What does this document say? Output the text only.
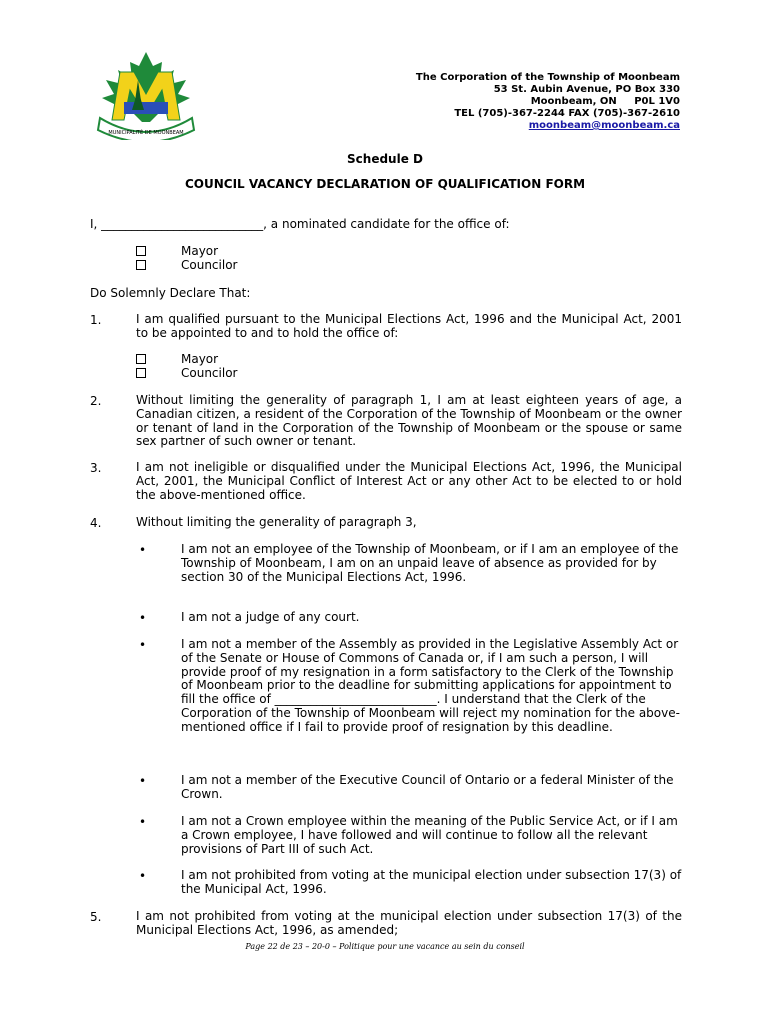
MUNICIPALITÉ DE MOONBEAM
The Corporation of the Township of Moonbeam
53 St. Aubin Avenue, PO Box 330
Moonbeam, ON     P0L 1V0
TEL (705)-367-2244 FAX (705)-367-2610
moonbeam@moonbeam.ca
Schedule D
COUNCIL VACANCY DECLARATION OF QUALIFICATION FORM
I, ___________________________, a nominated candidate for the office of:
Mayor
Councilor
Do Solemnly Declare That:
1.	I am qualified pursuant to the Municipal Elections Act, 1996 and the Municipal Act, 2001 to be appointed to and to hold the office of:
Mayor
Councilor
2.	Without limiting the generality of paragraph 1, I am at least eighteen years of age, a Canadian citizen, a resident of the Corporation of the Township of Moonbeam or the owner or tenant of land in the Corporation of the Township of Moonbeam or the spouse or same sex partner of such owner or tenant.
3.	I am not ineligible or disqualified under the Municipal Elections Act, 1996, the Municipal Act, 2001, the Municipal Conflict of Interest Act or any other Act to be elected to or hold the above-mentioned office.
4.	Without limiting the generality of paragraph 3,
•	I am not an employee of the Township of Moonbeam, or if I am an employee of the Township of Moonbeam, I am on an unpaid leave of absence as provided for by section 30 of the Municipal Elections Act, 1996.
•	I am not a judge of any court.
•	I am not a member of the Assembly as provided in the Legislative Assembly Act or of the Senate or House of Commons of Canada or, if I am such a person, I will provide proof of my resignation in a form satisfactory to the Clerk of the Township of Moonbeam prior to the deadline for submitting applications for appointment to fill the office of ___________________________. I understand that the Clerk of the Corporation of the Township of Moonbeam will reject my nomination for the above-mentioned office if I fail to provide proof of resignation by this deadline.
•	I am not a member of the Executive Council of Ontario or a federal Minister of the Crown.
•	I am not a Crown employee within the meaning of the Public Service Act, or if I am a Crown employee, I have followed and will continue to follow all the relevant provisions of Part III of such Act.
•	I am not prohibited from voting at the municipal election under subsection 17(3) of the Municipal Act, 1996.
5.	I am not prohibited from voting at the municipal election under subsection 17(3) of the Municipal Elections Act, 1996, as amended;
Page 22 de 23 – 20-0 – Politique pour une vacance au sein du conseil
